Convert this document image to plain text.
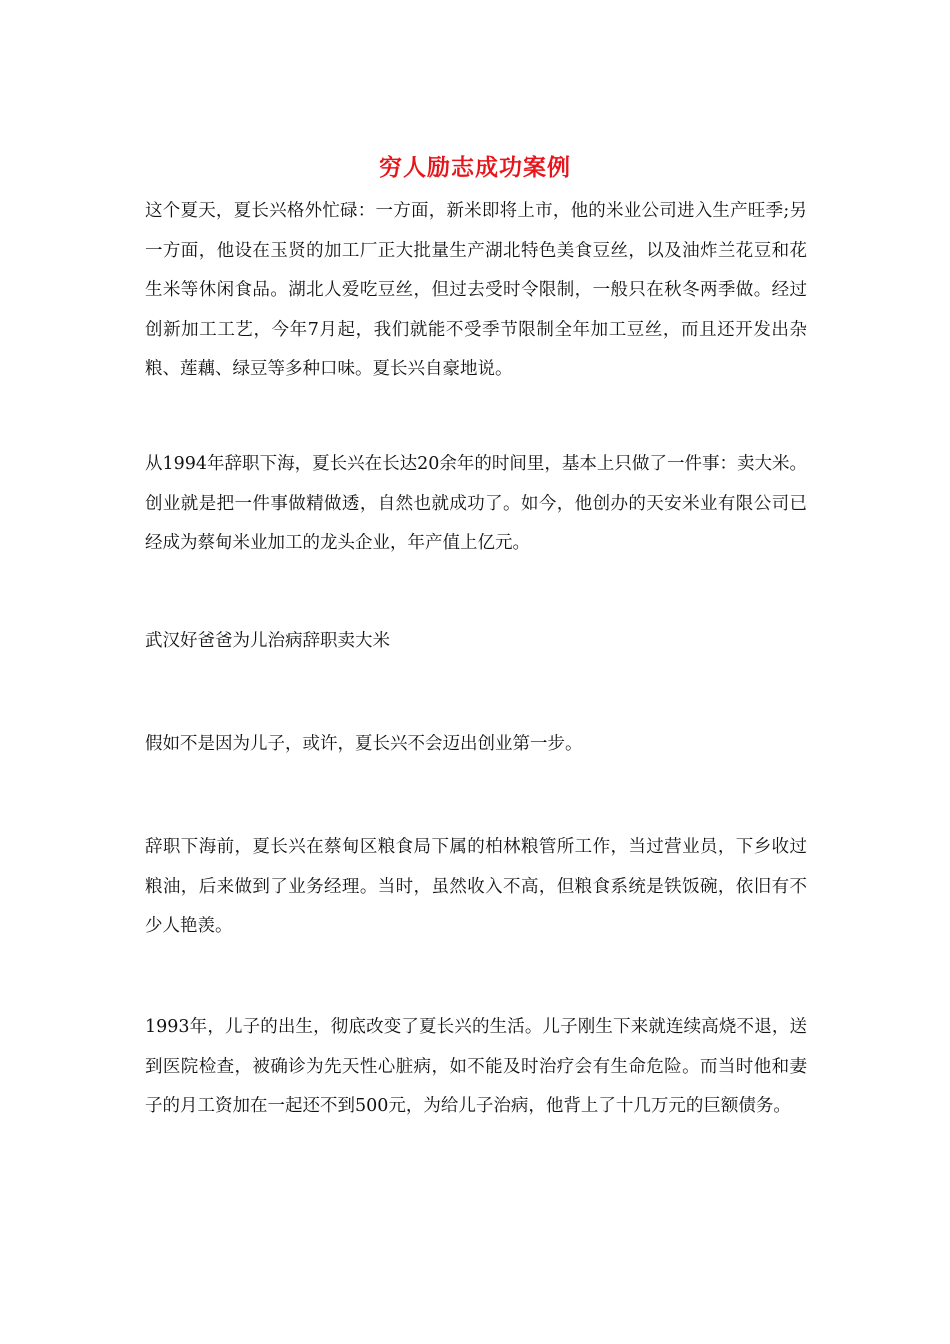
穷人励志成功案例

这个夏天，夏长兴格外忙碌：一方面，新米即将上市，他的米业公司进入生产旺季;另一方面，他设在玉贤的加工厂正大批量生产湖北特色美食豆丝，以及油炸兰花豆和花生米等休闲食品。湖北人爱吃豆丝，但过去受时令限制，一般只在秋冬两季做。经过创新加工工艺，今年7月起，我们就能不受季节限制全年加工豆丝，而且还开发出杂粮、莲藕、绿豆等多种口味。夏长兴自豪地说。

从1994年辞职下海，夏长兴在长达20余年的时间里，基本上只做了一件事：卖大米。创业就是把一件事做精做透，自然也就成功了。如今，他创办的天安米业有限公司已经成为蔡甸米业加工的龙头企业，年产值上亿元。

武汉好爸爸为儿治病辞职卖大米

假如不是因为儿子，或许，夏长兴不会迈出创业第一步。

辞职下海前，夏长兴在蔡甸区粮食局下属的柏林粮管所工作，当过营业员，下乡收过粮油，后来做到了业务经理。当时，虽然收入不高，但粮食系统是铁饭碗，依旧有不少人艳羡。

1993年，儿子的出生，彻底改变了夏长兴的生活。儿子刚生下来就连续高烧不退，送到医院检查，被确诊为先天性心脏病，如不能及时治疗会有生命危险。而当时他和妻子的月工资加在一起还不到500元，为给儿子治病，他背上了十几万元的巨额债务。
